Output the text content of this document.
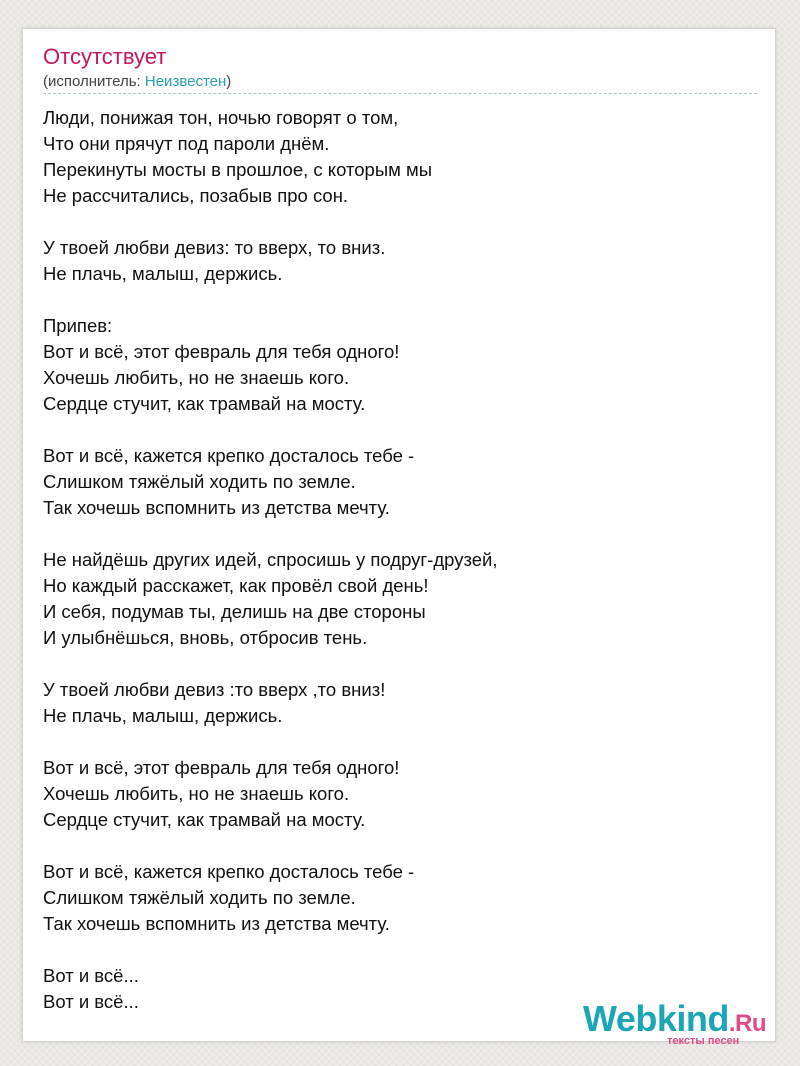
Отсутствует
(исполнитель: Неизвестен)
Люди, понижая тон, ночью говорят о том,
Что они прячут под пароли днём.
Перекинуты мосты в прошлое, с которым мы
Не рассчитались, позабыв про сон.
У твоей любви девиз: то вверх, то вниз.
Не плачь, малыш, держись.
Припев:
Вот и всё, этот февраль для тебя одного!
Хочешь любить, но не знаешь кого.
Сердце стучит, как трамвай на мосту.
Вот и всё, кажется крепко досталось тебе -
Слишком тяжёлый ходить по земле.
Так хочешь вспомнить из детства мечту.
Не найдёшь других идей, спросишь у подруг-друзей,
Но каждый расскажет, как провёл свой день!
И себя, подумав ты, делишь на две стороны
И улыбнёшься, вновь, отбросив тень.
У твоей любви девиз :то вверх ,то вниз!
Не плачь, малыш, держись.
Вот и всё, этот февраль для тебя одного!
Хочешь любить, но не знаешь кого.
Сердце стучит, как трамвай на мосту.
Вот и всё, кажется крепко досталось тебе -
Слишком тяжёлый ходить по земле.
Так хочешь вспомнить из детства мечту.
Вот и всё...
Вот и всё...	Webkind.Ru
тексты песен
